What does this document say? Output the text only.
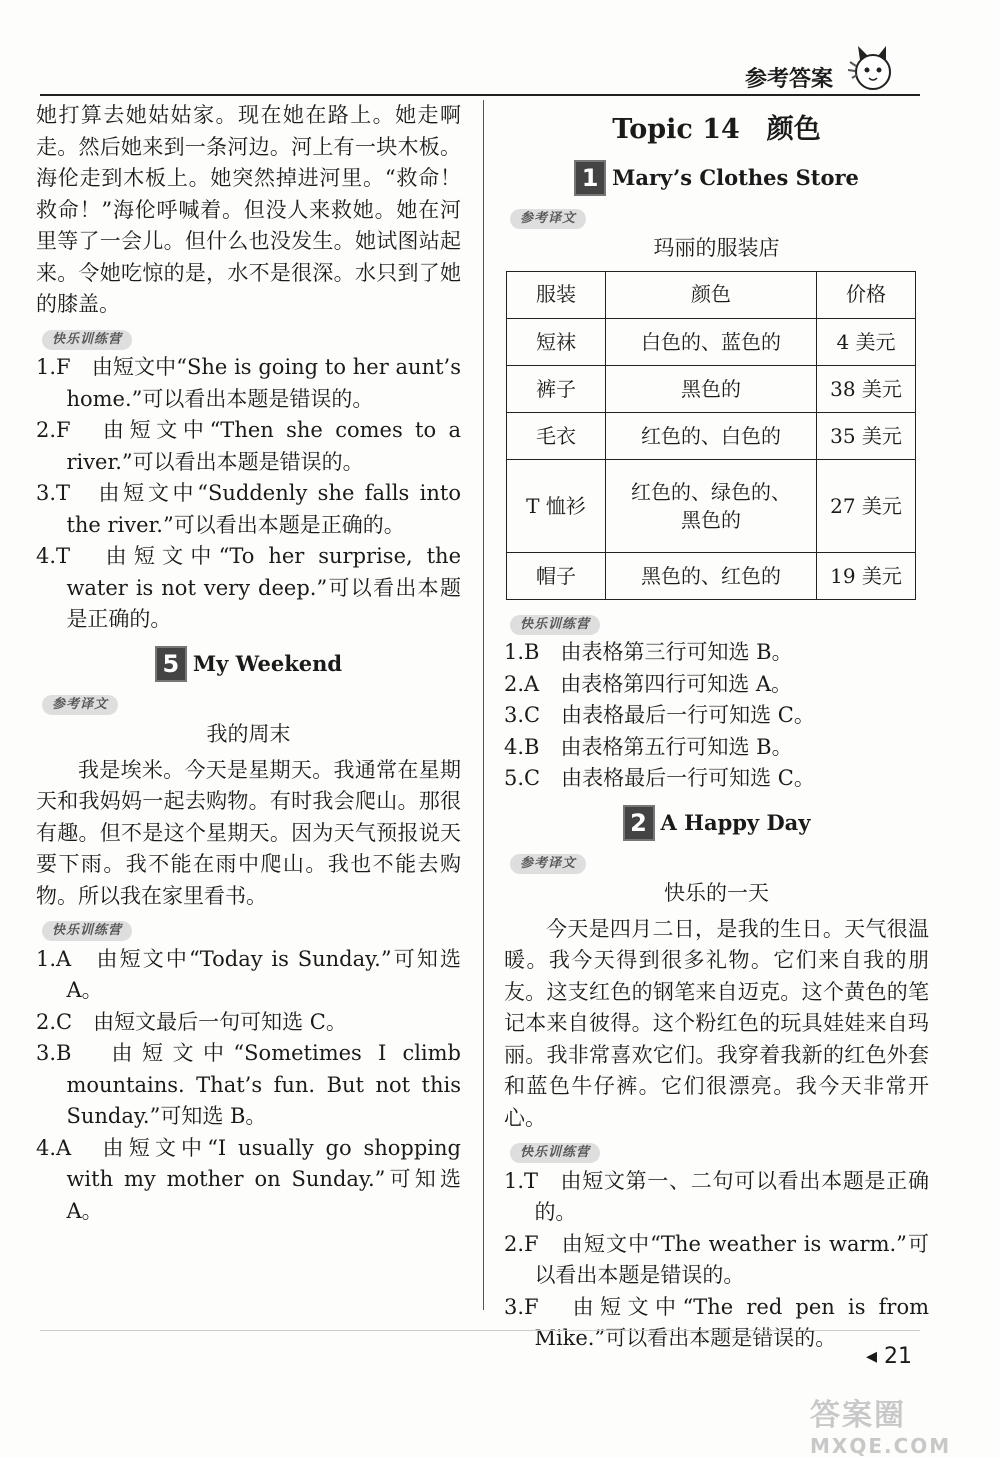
参考答案

她打算去她姑姑家。现在她在路上。她走啊走。然后她来到一条河边。河上有一块木板。海伦走到木板上。她突然掉进河里。“救命！救命！”海伦呼喊着。但没人来救她。她在河里等了一会儿。但什么也没发生。她试图站起来。令她吃惊的是，水不是很深。水只到了她的膝盖。

快乐训练营

1.F　由短文中“She is going to her aunt’s home.”可以看出本题是错误的。

2.F　由短文中“Then she comes to a river.”可以看出本题是错误的。

3.T　由短文中“Suddenly she falls into the river.”可以看出本题是正确的。

4.T　由短文中“To her surprise, the water is not very deep.”可以看出本题是正确的。

5 My Weekend
参考译文
我的周末

我是埃米。今天是星期天。我通常在星期天和我妈妈一起去购物。有时我会爬山。那很有趣。但不是这个星期天。因为天气预报说天要下雨。我不能在雨中爬山。我也不能去购物。所以我在家里看书。

快乐训练营

1.A　由短文中“Today is Sunday.”可知选 A。

2.C　由短文最后一句可知选 C。

3.B　由短文中“Sometimes I climb mountains. That’s fun. But not this Sunday.”可知选 B。

4.A　由短文中“I usually go shopping with my mother on Sunday.”可知选 A。

Topic 14　颜色
1 Mary’s Clothes Store
参考译文
玛丽的服装店
服装	颜色	价格
短袜	白色的、蓝色的	4 美元
裤子	黑色的	38 美元
毛衣	红色的、白色的	35 美元
T 恤衫	红色的、绿色的、黑色的	27 美元
帽子	黑色的、红色的	19 美元
快乐训练营

1.B　由表格第三行可知选 B。

2.A　由表格第四行可知选 A。

3.C　由表格最后一行可知选 C。

4.B　由表格第五行可知选 B。

5.C　由表格最后一行可知选 C。

2 A Happy Day
参考译文
快乐的一天

今天是四月二日，是我的生日。天气很温暖。我今天得到很多礼物。它们来自我的朋友。这支红色的钢笔来自迈克。这个黄色的笔记本来自彼得。这个粉红色的玩具娃娃来自玛丽。我非常喜欢它们。我穿着我新的红色外套和蓝色牛仔裤。它们很漂亮。我今天非常开心。

快乐训练营

1.T　由短文第一、二句可以看出本题是正确的。

2.F　由短文中“The weather is warm.”可以看出本题是错误的。

3.F　由短文中“The red pen is from Mike.”可以看出本题是错误的。

◂ 21
答案圈
MXQE.COM
